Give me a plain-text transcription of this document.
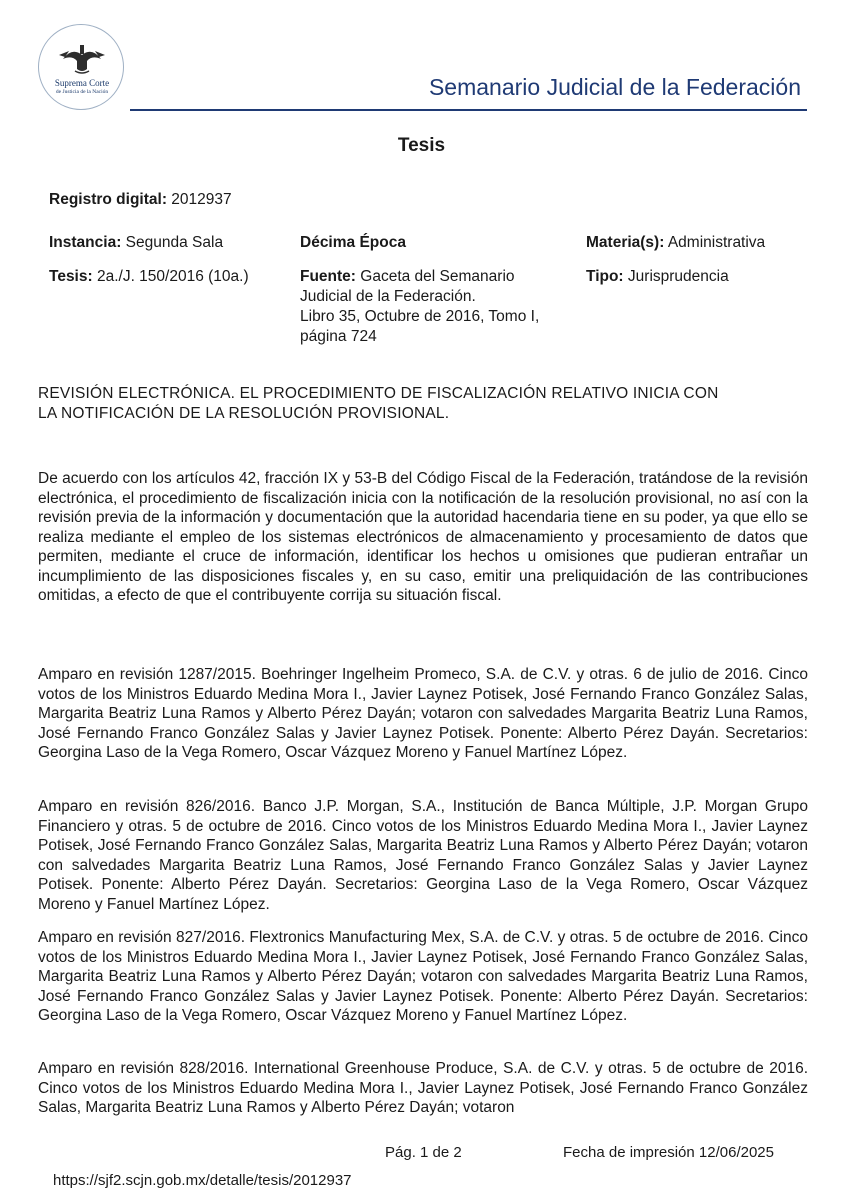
Suprema Corte
de Justicia de la Nación	Semanario Judicial de la Federación
Tesis
Registro digital: 2012937
Instancia: Segunda Sala	Décima Época	Materia(s): Administrativa
Tesis: 2a./J. 150/2016 (10a.)	Fuente: Gaceta del Semanario
Judicial de la Federación.
Libro 35, Octubre de 2016, Tomo I,
página 724
Tipo: Jurisprudencia
REVISIÓN ELECTRÓNICA. EL PROCEDIMIENTO DE FISCALIZACIÓN RELATIVO INICIA CON
LA NOTIFICACIÓN DE LA RESOLUCIÓN PROVISIONAL.
De acuerdo con los artículos 42, fracción IX y 53-B del Código Fiscal de la Federación, tratándose de la revisión electrónica, el procedimiento de fiscalización inicia con la notificación de la resolución provisional, no así con la revisión previa de la información y documentación que la autoridad hacendaria tiene en su poder, ya que ello se realiza mediante el empleo de los sistemas electrónicos de almacenamiento y procesamiento de datos que permiten, mediante el cruce de información, identificar los hechos u omisiones que pudieran entrañar un incumplimiento de las disposiciones fiscales y, en su caso, emitir una preliquidación de las contribuciones omitidas, a efecto de que el contribuyente corrija su situación fiscal.
Amparo en revisión 1287/2015. Boehringer Ingelheim Promeco, S.A. de C.V. y otras. 6 de julio de 2016. Cinco votos de los Ministros Eduardo Medina Mora I., Javier Laynez Potisek, José Fernando Franco González Salas, Margarita Beatriz Luna Ramos y Alberto Pérez Dayán; votaron con salvedades Margarita Beatriz Luna Ramos, José Fernando Franco González Salas y Javier Laynez Potisek. Ponente: Alberto Pérez Dayán. Secretarios: Georgina Laso de la Vega Romero, Oscar Vázquez Moreno y Fanuel Martínez López.
Amparo en revisión 826/2016. Banco J.P. Morgan, S.A., Institución de Banca Múltiple, J.P. Morgan Grupo Financiero y otras. 5 de octubre de 2016. Cinco votos de los Ministros Eduardo Medina Mora I., Javier Laynez Potisek, José Fernando Franco González Salas, Margarita Beatriz Luna Ramos y Alberto Pérez Dayán; votaron con salvedades Margarita Beatriz Luna Ramos, José Fernando Franco González Salas y Javier Laynez Potisek. Ponente: Alberto Pérez Dayán. Secretarios: Georgina Laso de la Vega Romero, Oscar Vázquez Moreno y Fanuel Martínez López.
Amparo en revisión 827/2016. Flextronics Manufacturing Mex, S.A. de C.V. y otras. 5 de octubre de 2016. Cinco votos de los Ministros Eduardo Medina Mora I., Javier Laynez Potisek, José Fernando Franco González Salas, Margarita Beatriz Luna Ramos y Alberto Pérez Dayán; votaron con salvedades Margarita Beatriz Luna Ramos, José Fernando Franco González Salas y Javier Laynez Potisek. Ponente: Alberto Pérez Dayán. Secretarios: Georgina Laso de la Vega Romero, Oscar Vázquez Moreno y Fanuel Martínez López.
Amparo en revisión 828/2016. International Greenhouse Produce, S.A. de C.V. y otras. 5 de octubre de 2016. Cinco votos de los Ministros Eduardo Medina Mora I., Javier Laynez Potisek, José Fernando Franco González Salas, Margarita Beatriz Luna Ramos y Alberto Pérez Dayán; votaron
Pág. 1 de 2	Fecha de impresión 12/06/2025
https://sjf2.scjn.gob.mx/detalle/tesis/2012937
